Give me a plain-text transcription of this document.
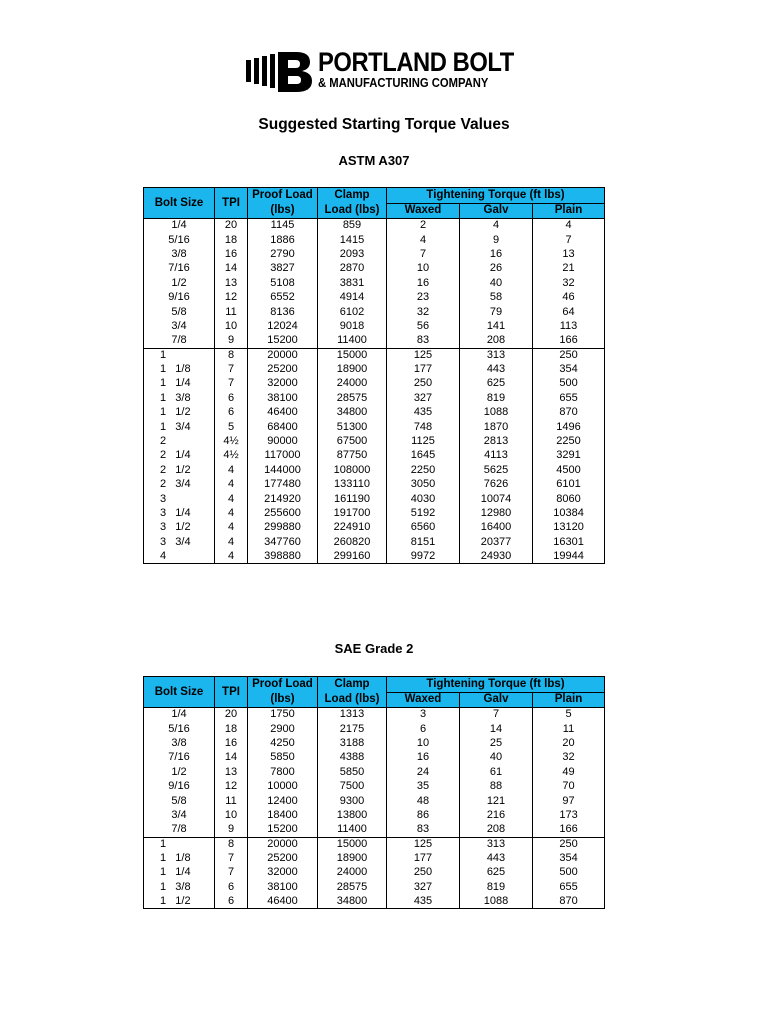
PORTLAND BOLT
& MANUFACTURING COMPANY
Suggested Starting Torque Values
ASTM A307
Bolt Size	TPI	Proof Load	Clamp	Tightening Torque (ft lbs)		
		(lbs)	Load (lbs)	Waxed	Galv	Plain
1/4	20	1145	859	2	4	4
5/16	18	1886	1415	4	9	7
3/8	16	2790	2093	7	16	13
7/16	14	3827	2870	10	26	21
1/2	13	5108	3831	16	40	32
9/16	12	6552	4914	23	58	46
5/8	11	8136	6102	32	79	64
3/4	10	12024	9018	56	141	113
7/8	9	15200	11400	83	208	166
1	8	20000	15000	125	313	250
1   1/8	7	25200	18900	177	443	354
1   1/4	7	32000	24000	250	625	500
1   3/8	6	38100	28575	327	819	655
1   1/2	6	46400	34800	435	1088	870
1   3/4	5	68400	51300	748	1870	1496
2	4½	90000	67500	1125	2813	2250
2   1/4	4½	117000	87750	1645	4113	3291
2   1/2	4	144000	108000	2250	5625	4500
2   3/4	4	177480	133110	3050	7626	6101
3	4	214920	161190	4030	10074	8060
3   1/4	4	255600	191700	5192	12980	10384
3   1/2	4	299880	224910	6560	16400	13120
3   3/4	4	347760	260820	8151	20377	16301
4	4	398880	299160	9972	24930	19944
SAE Grade 2
Bolt Size	TPI	Proof Load	Clamp	Tightening Torque (ft lbs)		
		(lbs)	Load (lbs)	Waxed	Galv	Plain
1/4	20	1750	1313	3	7	5
5/16	18	2900	2175	6	14	11
3/8	16	4250	3188	10	25	20
7/16	14	5850	4388	16	40	32
1/2	13	7800	5850	24	61	49
9/16	12	10000	7500	35	88	70
5/8	11	12400	9300	48	121	97
3/4	10	18400	13800	86	216	173
7/8	9	15200	11400	83	208	166
1	8	20000	15000	125	313	250
1   1/8	7	25200	18900	177	443	354
1   1/4	7	32000	24000	250	625	500
1   3/8	6	38100	28575	327	819	655
1   1/2	6	46400	34800	435	1088	870
